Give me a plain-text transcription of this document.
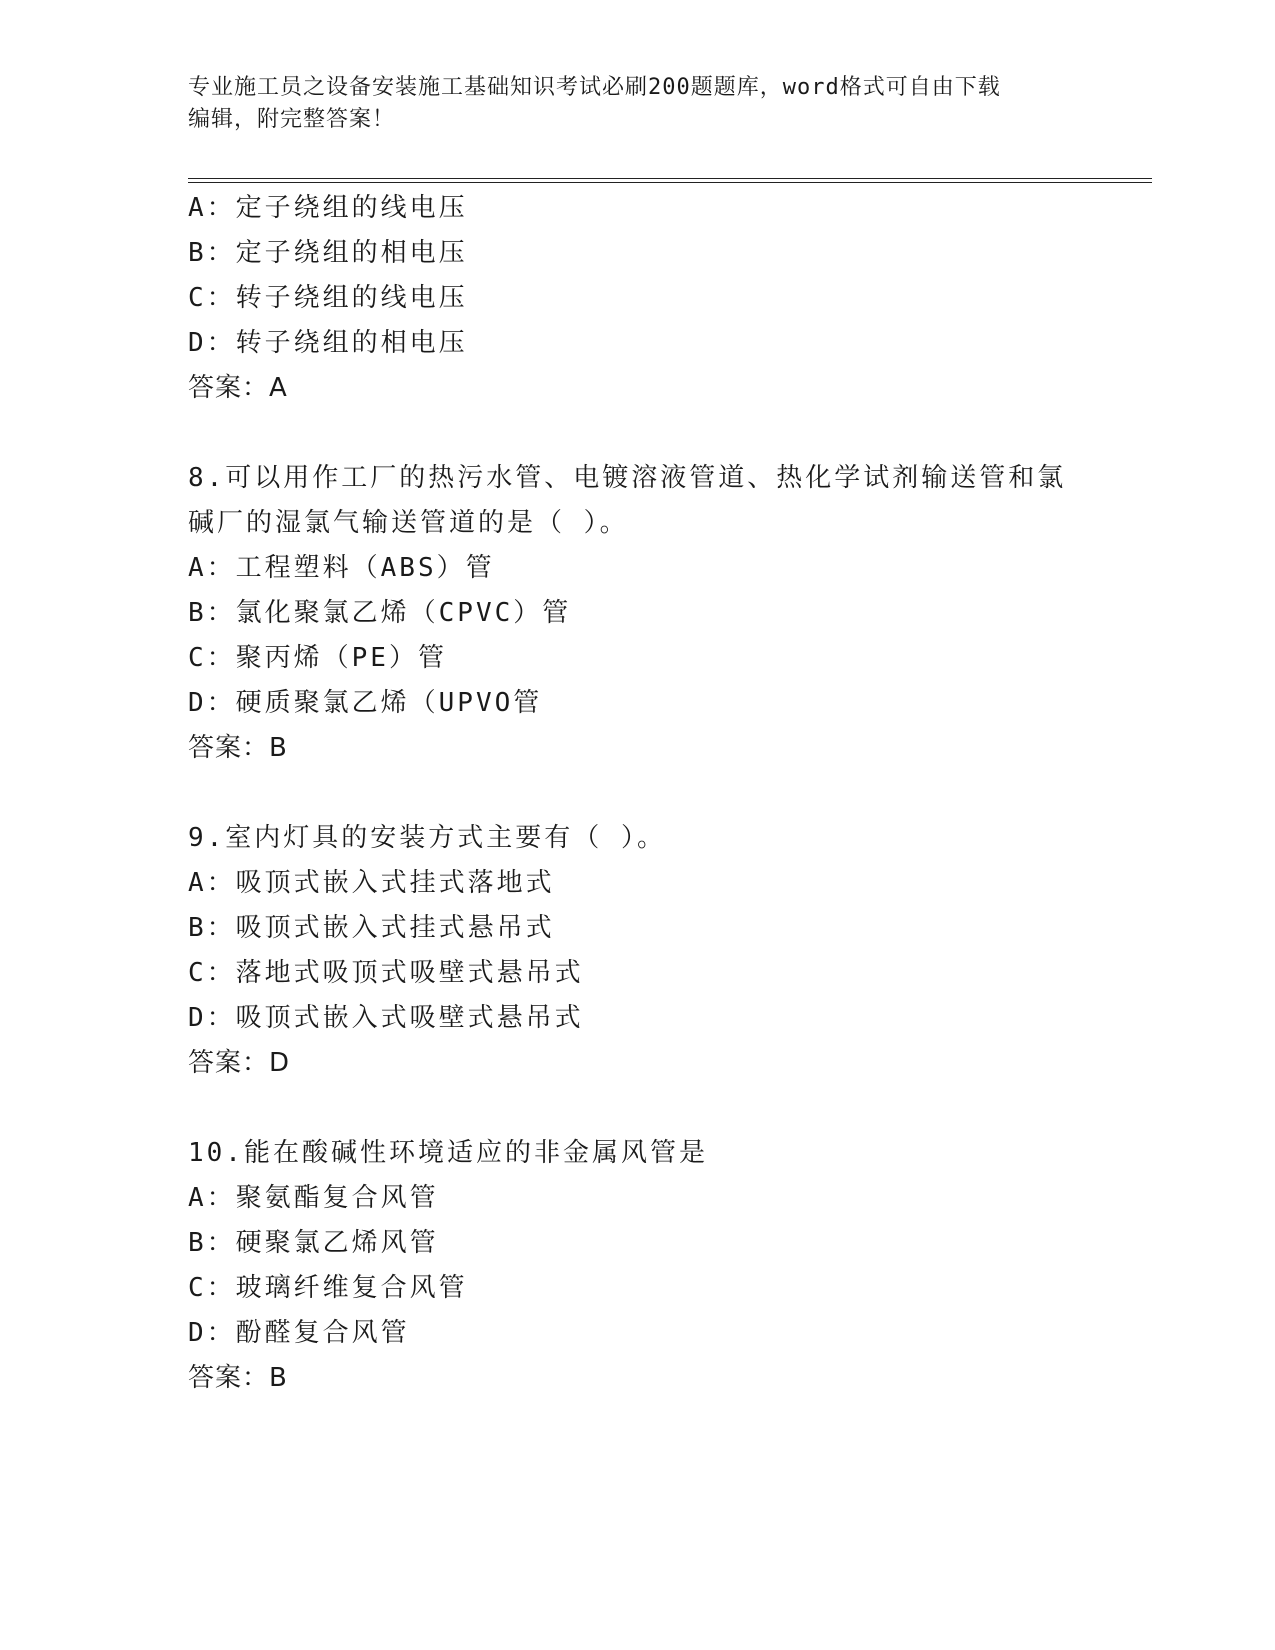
专业施工员之设备安装施工基础知识考试必刷200题题库，word格式可自由下载
编辑，附完整答案！
A：定子绕组的线电压
B：定子绕组的相电压
C：转子绕组的线电压
D：转子绕组的相电压
答案：A
8.可以用作工厂的热污水管、电镀溶液管道、热化学试剂输送管和氯
碱厂的湿氯气输送管道的是（ ）。
A：工程塑料（ABS）管
B：氯化聚氯乙烯（CPVC）管
C：聚丙烯（PE）管
D：硬质聚氯乙烯（UPVO管
答案：B
9.室内灯具的安装方式主要有（ ）。
A：吸顶式嵌入式挂式落地式
B：吸顶式嵌入式挂式悬吊式
C：落地式吸顶式吸壁式悬吊式
D：吸顶式嵌入式吸壁式悬吊式
答案：D
10.能在酸碱性环境适应的非金属风管是
A：聚氨酯复合风管
B：硬聚氯乙烯风管
C：玻璃纤维复合风管
D：酚醛复合风管
答案：B
